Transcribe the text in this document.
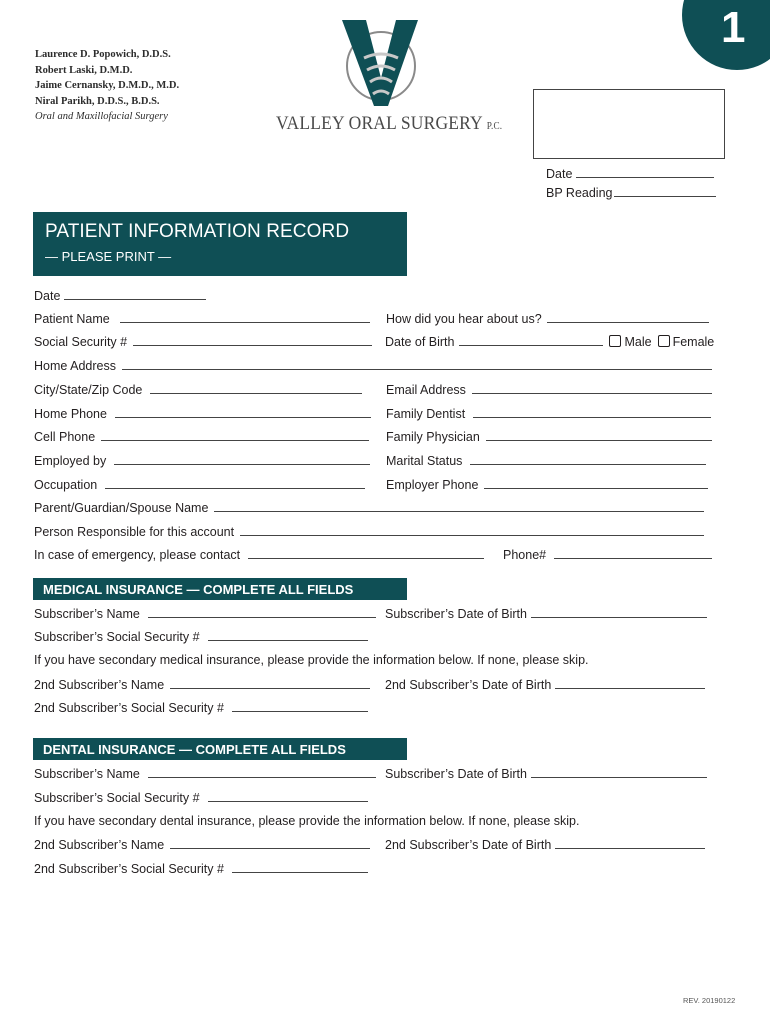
1
Laurence D. Popowich, D.D.S.
Robert Laski, D.M.D.
Jaime Cernansky, D.M.D., M.D.
Niral Parikh, D.D.S., B.D.S.
Oral and Maxillofacial Surgery	VALLEY ORAL SURGERY P.C.
Date
BP Reading
PATIENT INFORMATION RECORD
— PLEASE PRINT —
Date
Patient Name	How did you hear about us?
Social Security #	Date of Birth	Male Female
Home Address
City/State/Zip Code	Email Address
Home Phone	Family Dentist
Cell Phone	Family Physician
Employed by	Marital Status
Occupation	Employer Phone
Parent/Guardian/Spouse Name
Person Responsible for this account
In case of emergency, please contact	Phone#
MEDICAL INSURANCE — COMPLETE ALL FIELDS
Subscriber’s Name	Subscriber’s Date of Birth
Subscriber’s Social Security #
If you have secondary medical insurance, please provide the information below. If none, please skip.
2nd Subscriber’s Name	2nd Subscriber’s Date of Birth
2nd Subscriber’s Social Security #
DENTAL INSURANCE — COMPLETE ALL FIELDS
Subscriber’s Name	Subscriber’s Date of Birth
Subscriber’s Social Security #
If you have secondary dental insurance, please provide the information below. If none, please skip.
2nd Subscriber’s Name	2nd Subscriber’s Date of Birth
2nd Subscriber’s Social Security #
REV. 20190122
